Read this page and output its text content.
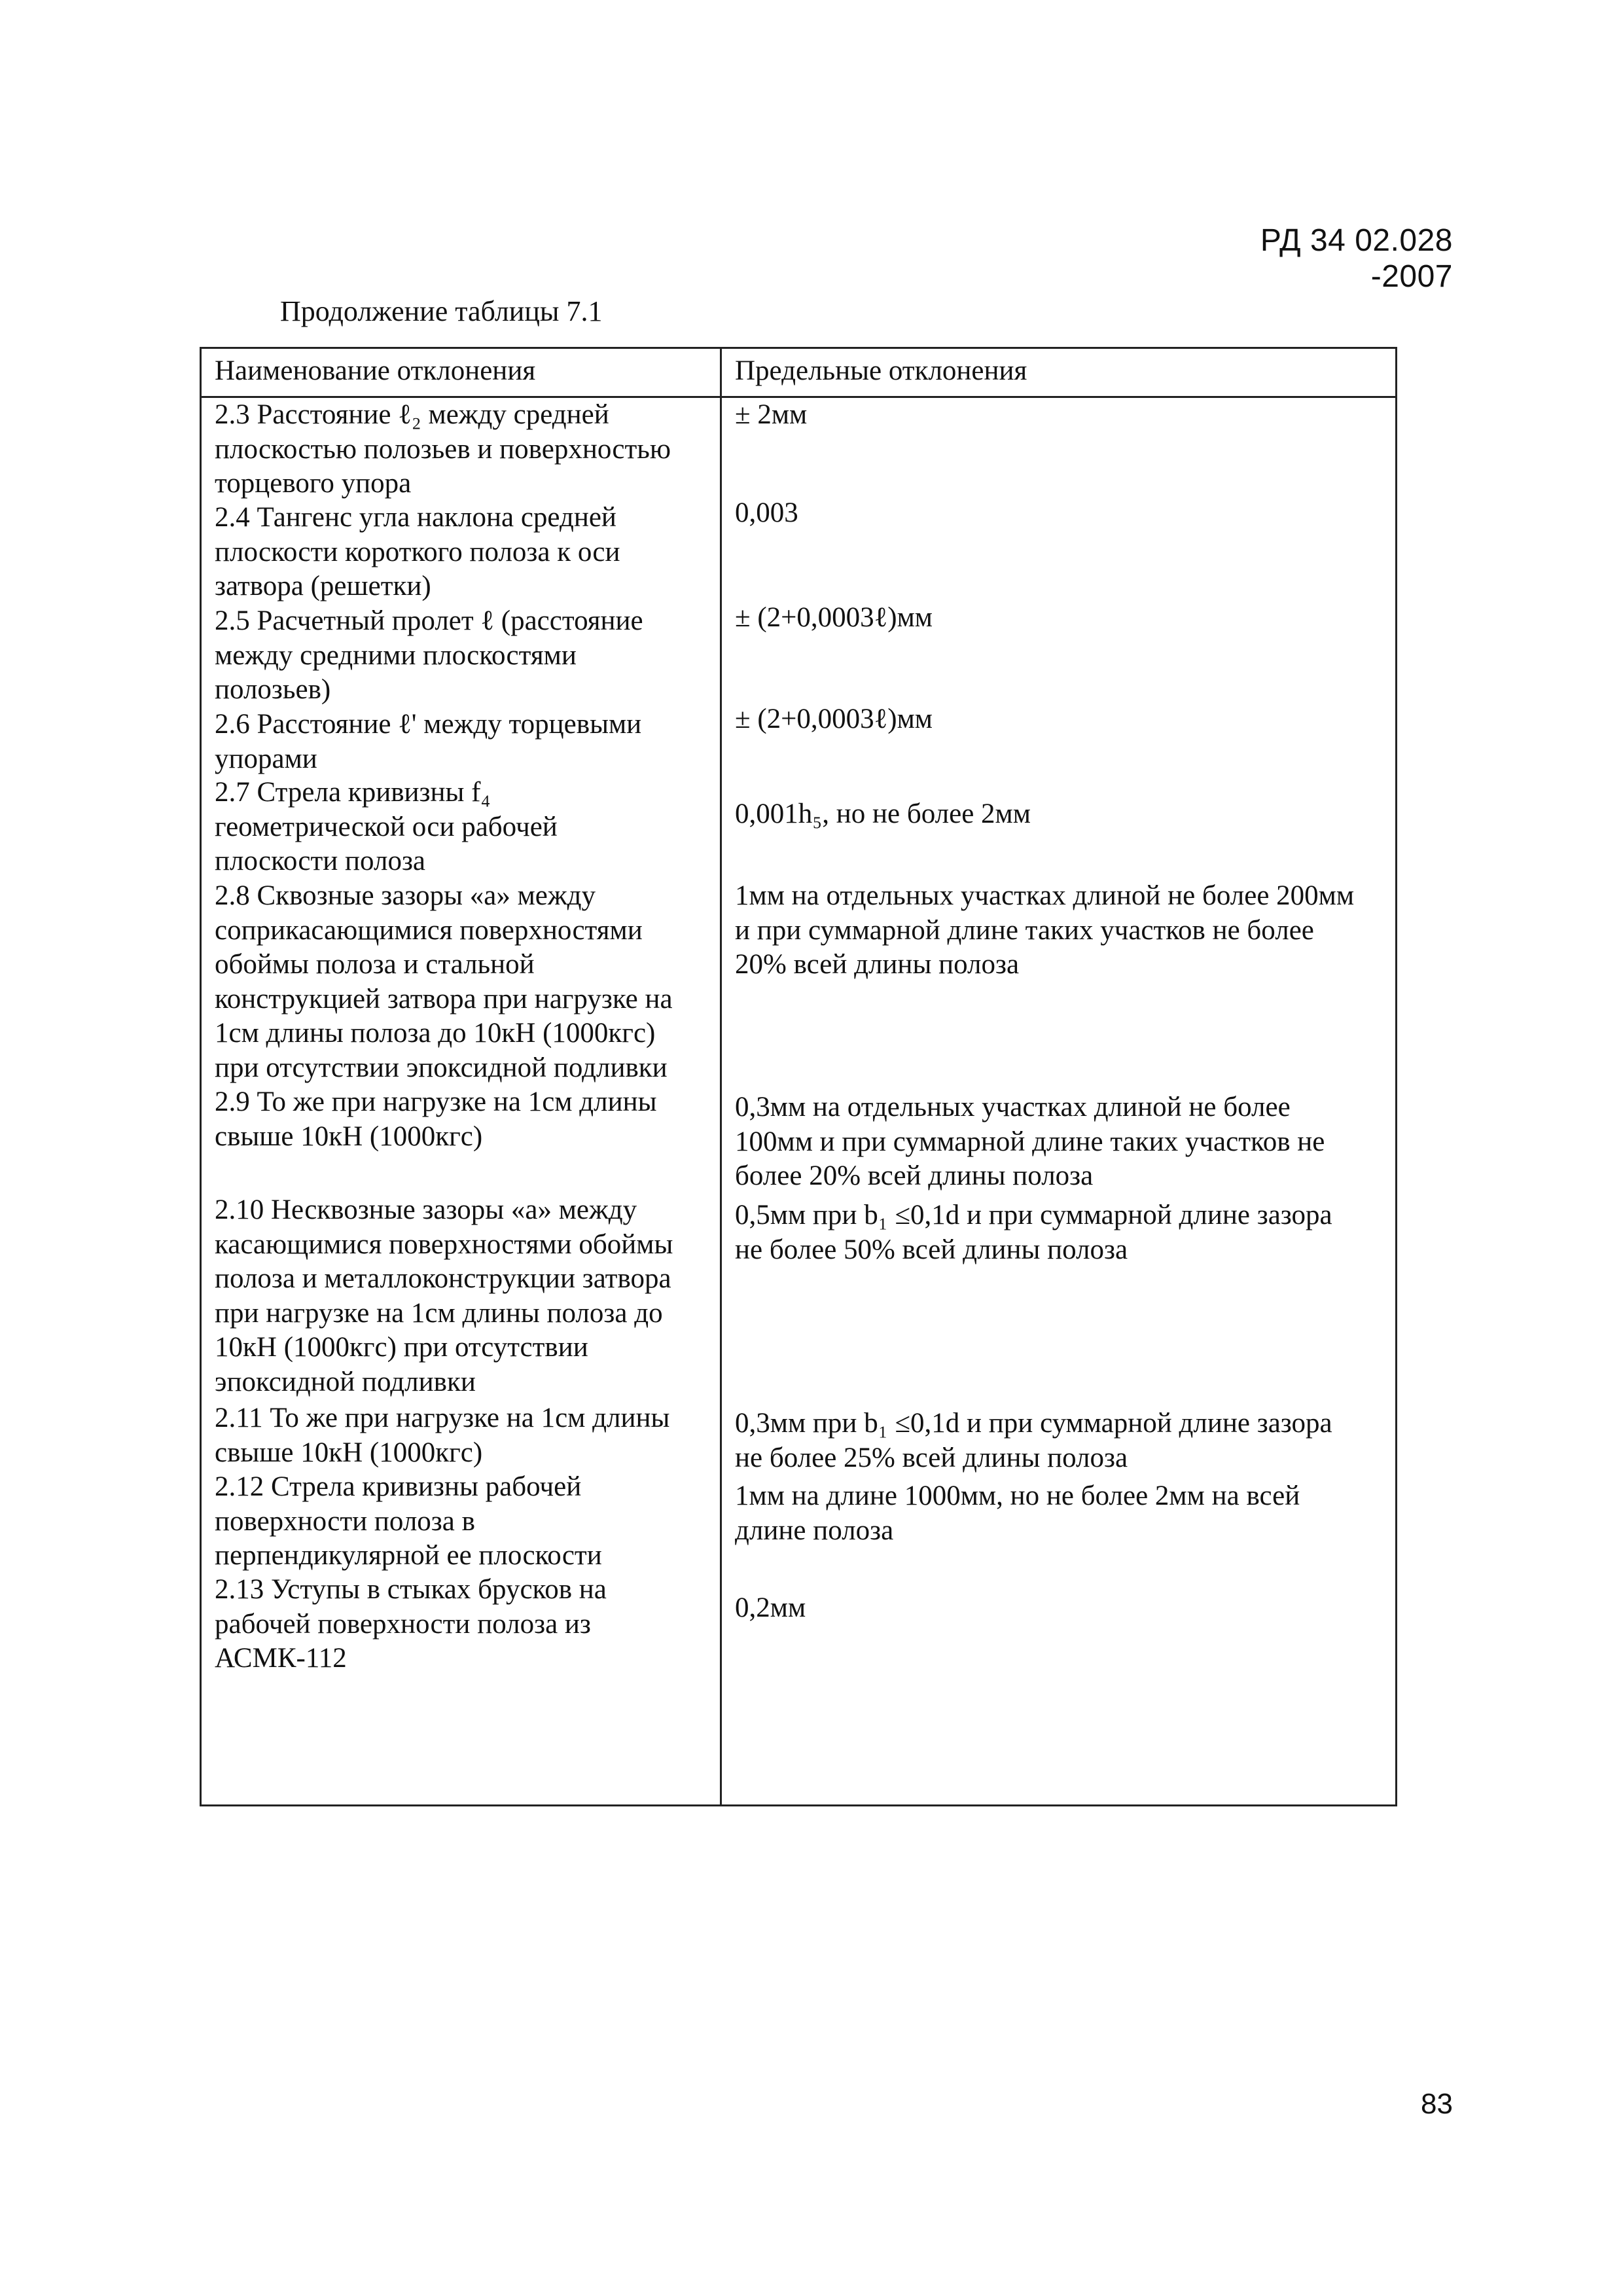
РД 34 02.028 -2007
Продолжение таблицы 7.1
Наименование отклонения	Предельные отклонения
2.3 Расстояние ℓ₂ между средней
плоскостью полозьев и поверхностью
торцевого упора
± 2мм
2.4 Тангенс угла наклона средней
плоскости короткого полоза к оси
затвора (решетки)
0,003
2.5 Расчетный пролет ℓ (расстояние
между средними плоскостями
полозьев)
± (2+0,0003ℓ)мм
2.6 Расстояние ℓ' между торцевыми
упорами
± (2+0,0003ℓ)мм
2.7 Стрела кривизны f₄
геометрической оси рабочей
плоскости полоза
0,001h₅, но не более 2мм
2.8 Сквозные зазоры «а» между
соприкасающимися поверхностями
обоймы полоза и стальной
конструкцией затвора при нагрузке на
1см длины полоза до 10кН (1000кгс)
при отсутствии эпоксидной подливки
1мм на отдельных участках длиной не более 200мм
и при суммарной длине таких участков не более
20% всей длины полоза
2.9 То же при нагрузке на 1см длины
свыше 10кН (1000кгс)
0,3мм на отдельных участках длиной не более
100мм и при суммарной длине таких участков не
более 20% всей длины полоза
2.10 Несквозные зазоры «а» между
касающимися поверхностями обоймы
полоза и металлоконструкции затвора
при нагрузке на 1см длины полоза до
10кН (1000кгс) при отсутствии
эпоксидной подливки
0,5мм при b₁ ≤0,1d и при суммарной длине зазора
не более 50% всей длины полоза
2.11 То же при нагрузке на 1см длины
свыше 10кН (1000кгс)
0,3мм при b₁ ≤0,1d и при суммарной длине зазора
не более 25% всей длины полоза
2.12 Стрела кривизны рабочей
поверхности полоза в
перпендикулярной ее плоскости
1мм на длине 1000мм, но не более 2мм на всей
длине полоза
2.13 Уступы в стыках брусков на
рабочей поверхности полоза из
АСМК-112
0,2мм
83
